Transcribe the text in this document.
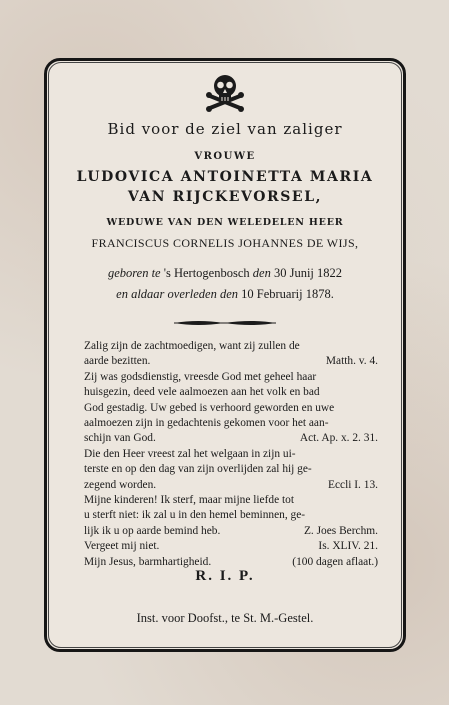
Bid voor de ziel van zaliger
VROUWE
LUDOVICA ANTOINETTA MARIA
VAN RIJCKEVORSEL,
WEDUWE VAN DEN WELEDELEN HEER
FRANCISCUS CORNELIS JOHANNES DE WIJS,
geboren te 's Hertogenbosch den 30 Junij 1822
en aldaar overleden den 10 Februarij 1878.
Zalig zijn de zachtmoedigen, want zij zullen de
aarde bezitten.	Matth. v. 4.
Zij was godsdienstig, vreesde God met geheel haar
huisgezin, deed vele aalmoezen aan het volk en bad
God gestadig. Uw gebed is verhoord geworden en uwe
aalmoezen zijn in gedachtenis gekomen voor het aan-
schijn van God.	Act. Ap. x. 2. 31.
Die den Heer vreest zal het welgaan in zijn ui-
terste en op den dag van zijn overlijden zal hij ge-
zegend worden.	Eccli I. 13.
Mijne kinderen! Ik sterf, maar mijne liefde tot
u sterft niet: ik zal u in den hemel beminnen, ge-
lijk ik u op aarde bemind heb.	Z. Joes Berchm.
Vergeet mij niet.	Is. XLIV. 21.
Mijn Jesus, barmhartigheid.	(100 dagen aflaat.)
R. I. P.
Inst. voor Doofst., te St. M.-Gestel.
